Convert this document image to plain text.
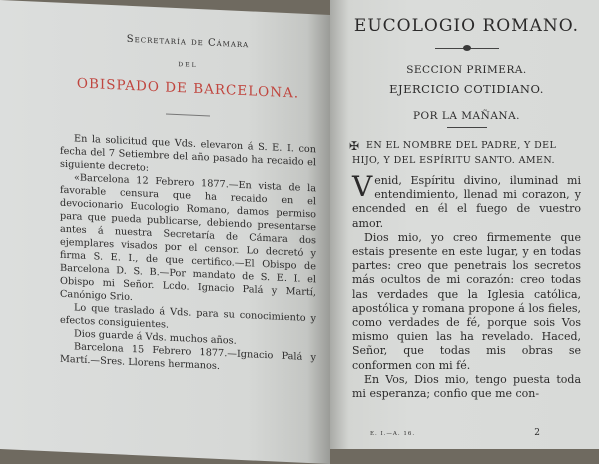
Secretaría de Cámara
DEL
OBISPADO DE BARCELONA.

En la solicitud que Vds. elevaron á S. E. I. con fecha del 7 Setiembre del año pasado ha recaido el siguiente decreto:

«Barcelona 12 Febrero 1877.—En vista de la favorable censura que ha recaido en el devocionario Eucologio Romano, damos permiso para que pueda publicarse, debiendo presentarse antes á nuestra Secretaría de Cámara dos ejemplares visados por el censor. Lo decretó y firma S. E. I., de que certifico.—El Obispo de Barcelona D. S. B.—Por mandato de S. E. I. el Obispo mi Señor. Lcdo. Ignacio Palá y Martí, Canónigo Srio.

Lo que traslado á Vds. para su conocimiento y efectos consiguientes.

Dios guarde á Vds. muchos años.

Barcelona 15 Febrero 1877.—Ignacio Palá y Martí.—Sres. Llorens hermanos.

EUCOLOGIO ROMANO.
SECCION PRIMERA.
EJERCICIO COTIDIANO.
POR LA MAÑANA.
✠ EN EL NOMBRE DEL PADRE, Y DEL
HIJO, Y DEL ESPÍRITU SANTO. AMEN.

Venid, Espíritu divino, iluminad mi entendimiento, llenad mi corazon, y encended en él el fuego de vuestro amor.

Dios mio, yo creo firmemente que estais presente en este lugar, y en todas partes: creo que penetrais los secretos más ocultos de mi corazón: creo todas las verdades que la Iglesia católica, apostólica y romana propone á los fieles, como verdades de fé, porque sois Vos mismo quien las ha revelado. Haced, Señor, que todas mis obras se conformen con mi fé.

En Vos, Dios mio, tengo puesta toda mi esperanza; confio que me con-

E. I.—A. 16.	2
